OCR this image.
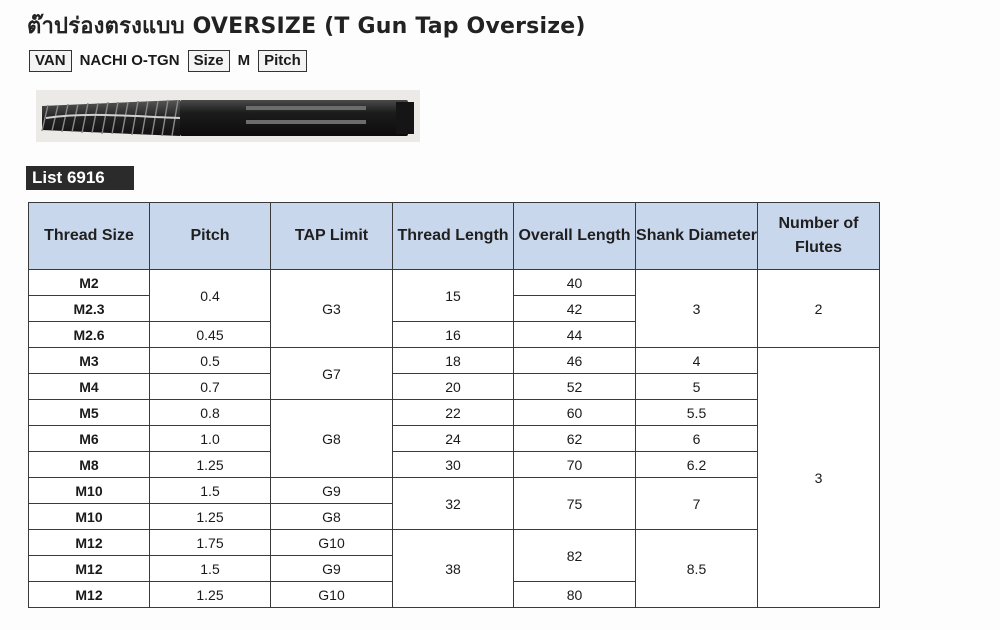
ต๊าปร่องตรงแบบ OVERSIZE (T Gun Tap Oversize)
VAN NACHI O-TGN Size M Pitch
List 6916
Thread Size	Pitch	TAP Limit	Thread Length	Overall Length	Shank Diameter	Number of Flutes
M2	0.4	G3	15	40	3	2
M2.3				42		
M2.6	0.45		16	44		
M3	0.5	G7	18	46	4	3
M4	0.7		20	52	5	
M5	0.8	G8	22	60	5.5	
M6	1.0		24	62	6	
M8	1.25		30	70	6.2	
M10	1.5	G9	32	75	7	
M10	1.25	G8				
M12	1.75	G10	38	82	8.5	
M12	1.5	G9				
M12	1.25	G10		80		
